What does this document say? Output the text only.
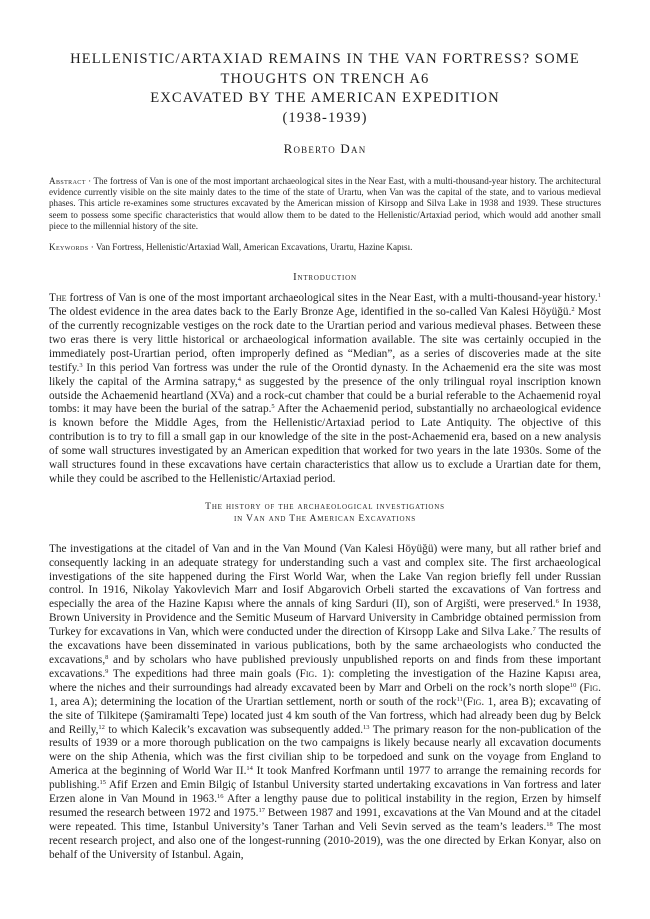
HELLENISTIC/ARTAXIAD REMAINS IN THE VAN FORTRESS? SOME
THOUGHTS ON TRENCH A6
EXCAVATED BY THE AMERICAN EXPEDITION
(1938-1939)
Roberto Dan

Abstract · The fortress of Van is one of the most important archaeological sites in the Near East, with a multi-thousand-year history. The architectural evidence currently visible on the site mainly dates to the time of the state of Urartu, when Van was the capital of the state, and to various medieval phases. This article re-examines some structures excavated by the American mission of Kirsopp and Silva Lake in 1938 and 1939. These structures seem to possess some specific characteristics that would allow them to be dated to the Hellenistic/Artaxiad period, which would add another small piece to the millennial history of the site.

Keywords · Van Fortress, Hellenistic/Artaxiad Wall, American Excavations, Urartu, Hazine Kapısı.

Introduction

The fortress of Van is one of the most important archaeological sites in the Near East, with a multi-thousand-year history.$^1$ The oldest evidence in the area dates back to the Early Bronze Age, identified in the so-called Van Kalesi Höyüğü.$^2$ Most of the currently recognizable vestiges on the rock date to the Urartian period and various medieval phases. Between these two eras there is very little historical or archaeological information available. The site was certainly occupied in the immediately post-Urartian period, often improperly defined as “Median”, as a series of discoveries made at the site testify.$^3$ In this period Van fortress was under the rule of the Orontid dynasty. In the Achaemenid era the site was most likely the capital of the Armina satrapy,$^4$ as suggested by the presence of the only trilingual royal inscription known outside the Achaemenid heartland (XVa) and a rock-cut chamber that could be a burial referable to the Achaemenid royal tombs: it may have been the burial of the satrap.$^5$ After the Achaemenid period, substantially no archaeological evidence is known before the Middle Ages, from the Hellenistic/Artaxiad period to Late Antiquity. The objective of this contribution is to try to fill a small gap in our knowledge of the site in the post-Achaemenid era, based on a new analysis of some wall structures investigated by an American expedition that worked for two years in the late 1930s. Some of the wall structures found in these excavations have certain characteristics that allow us to exclude a Urartian date for them, while they could be ascribed to the Hellenistic/Artaxiad period.

The history of the archaeological investigations
in Van and The American Excavations

The investigations at the citadel of Van and in the Van Mound (Van Kalesi Höyüğü) were many, but all rather brief and consequently lacking in an adequate strategy for understanding such a vast and complex site. The first archaeological investigations of the site happened during the First World War, when the Lake Van region briefly fell under Russian control. In 1916, Nikolay Yakovlevich Marr and Iosif Abgarovich Orbeli started the excavations of Van fortress and especially the area of the Hazine Kapısı where the annals of king Sarduri (II), son of Argišti, were preserved.$^6$ In 1938, Brown University in Providence and the Semitic Museum of Harvard University in Cambridge obtained permission from Turkey for excavations in Van, which were conducted under the direction of Kirsopp Lake and Silva Lake.$^7$ The results of the excavations have been disseminated in various publications, both by the same archaeologists who conducted the excavations,$^8$ and by scholars who have published previously unpublished reports on and finds from these important excavations.$^9$ The expeditions had three main goals (Fig. 1): completing the investigation of the Hazine Kapısı area, where the niches and their surroundings had already excavated been by Marr and Orbeli on the rock’s north slope$^{10}$ (Fig. 1, area A); determining the location of the Urartian settlement, north or south of the rock$^{11}$(Fig. 1, area B); excavating of the site of Tilkitepe (Şamiramalti Tepe) located just 4 km south of the Van fortress, which had already been dug by Belck and Reilly,$^{12}$ to which Kalecik’s excavation was subsequently added.$^{13}$ The primary reason for the non-publication of the results of 1939 or a more thorough publication on the two campaigns is likely because nearly all excavation documents were on the ship Athenia, which was the first civilian ship to be torpedoed and sunk on the voyage from England to America at the beginning of World War II.$^{14}$ It took Manfred Korfmann until 1977 to arrange the remaining records for publishing.$^{15}$ Afif Erzen and Emin Bilgiç of Istanbul University started undertaking excavations in Van fortress and later Erzen alone in Van Mound in 1963.16 After a lengthy pause due to political instability in the region, Erzen by himself resumed the research between 1972 and 1975.17 Between 1987 and 1991, excavations at the Van Mound and at the citadel were repeated. This time, Istanbul University’s Taner Tarhan and Veli Sevin served as the team’s leaders.$^{18}$ The most recent research project, and also one of the longest-running (2010-2019), was the one directed by Erkan Konyar, also on behalf of the University of Istanbul. Again,
